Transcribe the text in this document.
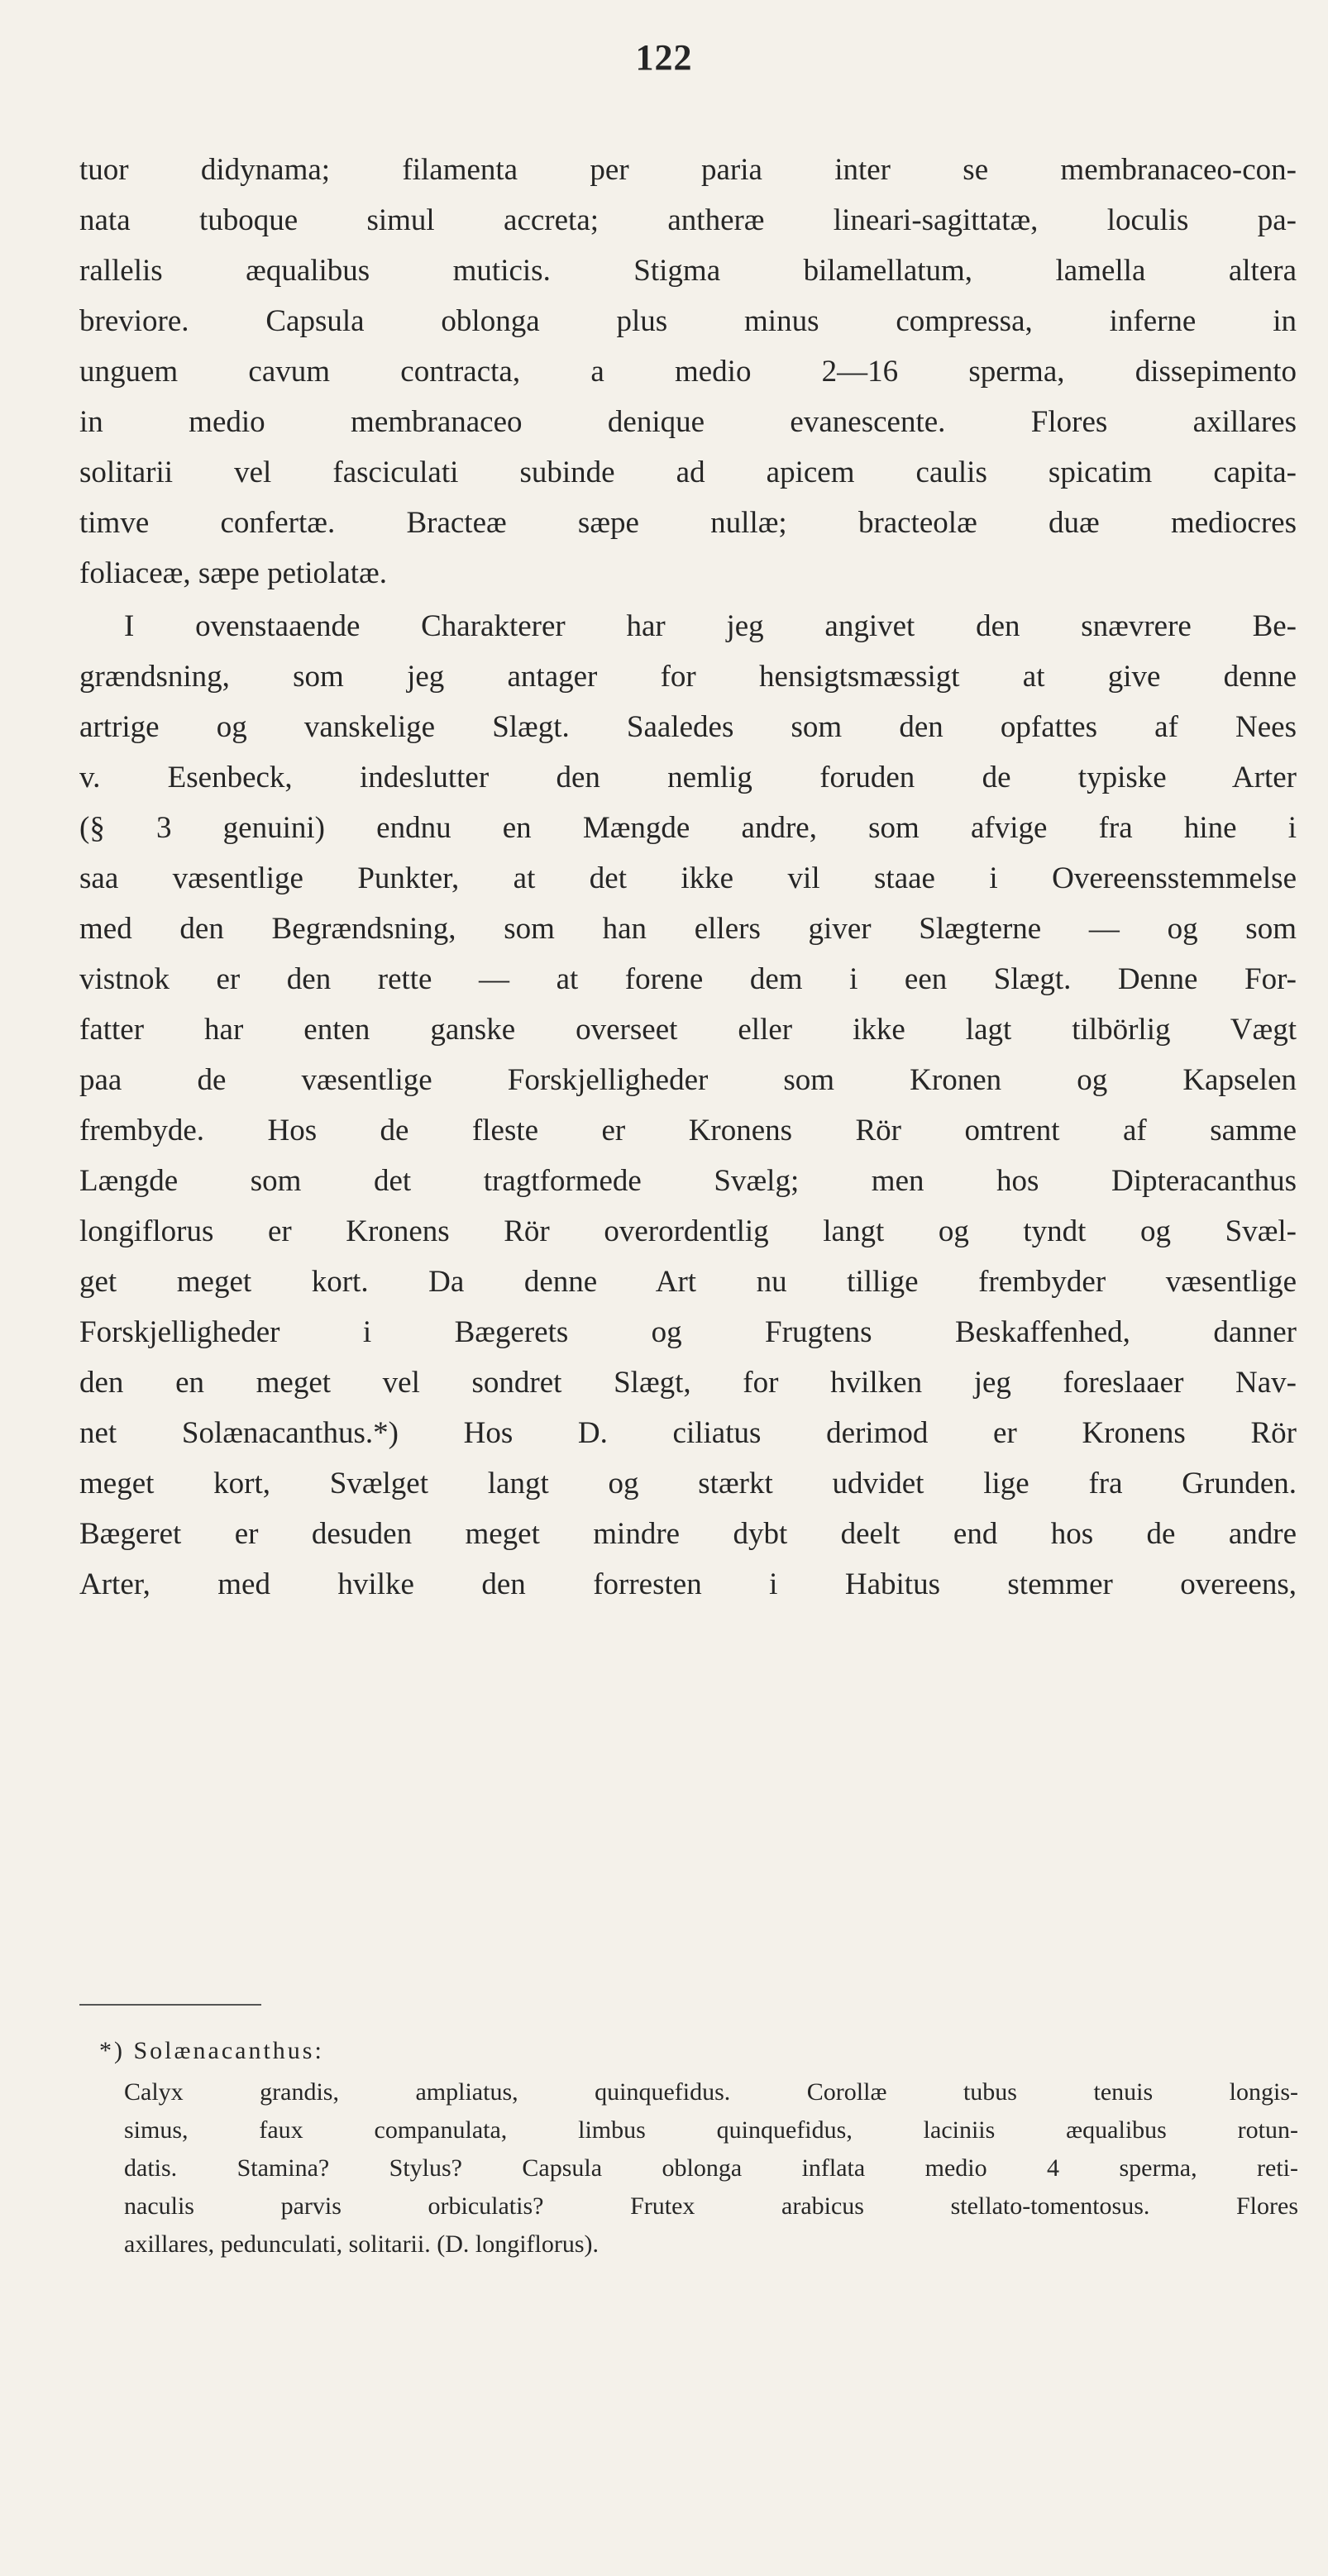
122
tuor didynama; filamenta per paria inter se membranaceo-con-
nata tuboque simul accreta; antheræ lineari-sagittatæ, loculis pa-
rallelis æqualibus muticis. Stigma bilamellatum, lamella altera
breviore. Capsula oblonga plus minus compressa, inferne in
unguem cavum contracta, a medio 2—16 sperma, dissepimento
in medio membranaceo denique evanescente. Flores axillares
solitarii vel fasciculati subinde ad apicem caulis spicatim capita-
timve confertæ. Bracteæ sæpe nullæ; bracteolæ duæ mediocres
foliaceæ, sæpe petiolatæ.
I ovenstaaende Charakterer har jeg angivet den snævrere Be-
grændsning, som jeg antager for hensigtsmæssigt at give denne
artrige og vanskelige Slægt. Saaledes som den opfattes af Nees
v. Esenbeck, indeslutter den nemlig foruden de typiske Arter
(§ 3 genuini) endnu en Mængde andre, som afvige fra hine i
saa væsentlige Punkter, at det ikke vil staae i Overeensstemmelse
med den Begrændsning, som han ellers giver Slægterne — og som
vistnok er den rette — at forene dem i een Slægt. Denne For-
fatter har enten ganske overseet eller ikke lagt tilbörlig Vægt
paa de væsentlige Forskjelligheder som Kronen og Kapselen
frembyde. Hos de fleste er Kronens Rör omtrent af samme
Længde som det tragtformede Svælg; men hos Dipteracanthus
longiflorus er Kronens Rör overordentlig langt og tyndt og Svæl-
get meget kort. Da denne Art nu tillige frembyder væsentlige
Forskjelligheder i Bægerets og Frugtens Beskaffenhed, danner
den en meget vel sondret Slægt, for hvilken jeg foreslaaer Nav-
net Solænacanthus.*) Hos D. ciliatus derimod er Kronens Rör
meget kort, Svælget langt og stærkt udvidet lige fra Grunden.
Bægeret er desuden meget mindre dybt deelt end hos de andre
Arter, med hvilke den forresten i Habitus stemmer overeens,
*) Solænacanthus:
Calyx grandis, ampliatus, quinquefidus. Corollæ tubus tenuis longis-
simus, faux companulata, limbus quinquefidus, laciniis æqualibus rotun-
datis. Stamina? Stylus? Capsula oblonga inflata medio 4 sperma, reti-
naculis parvis orbiculatis? Frutex arabicus stellato-tomentosus. Flores
axillares, pedunculati, solitarii. (D. longiflorus).
